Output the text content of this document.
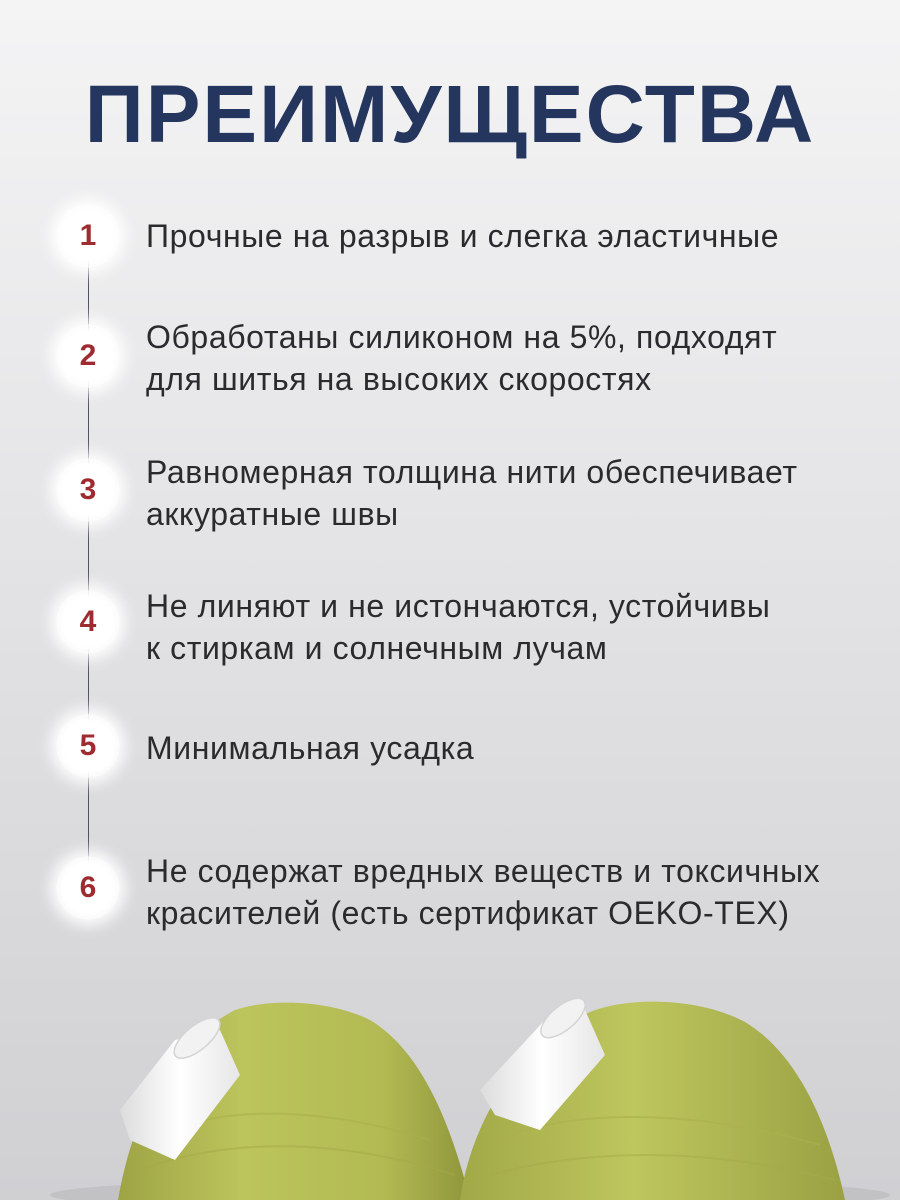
ПРЕИМУЩЕСТВА
1	Прочные на разрыв и слегка эластичные
2
Обработаны силиконом на 5%, подходят
для шитья на высоких скоростях
3	Равномерная толщина нити обеспечивает
аккуратные швы
4	Не линяют и не истончаются, устойчивы
к стиркам и солнечным лучам
5	Минимальная усадка
6	Не содержат вредных веществ и токсичных
красителей (есть сертификат OEKO-TEX)
